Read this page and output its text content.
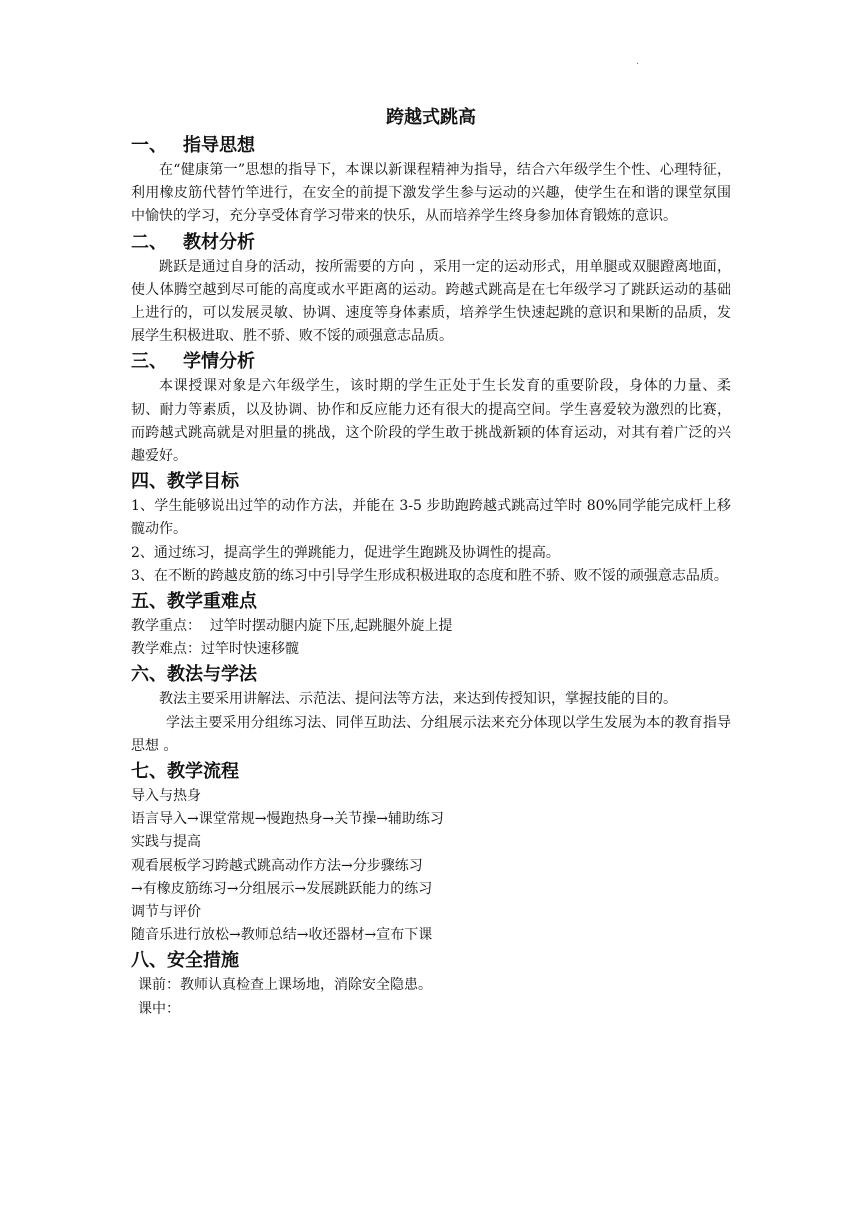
.
跨越式跳高
一、 指导思想

在“健康第一”思想的指导下，本课以新课程精神为指导，结合六年级学生个性、心理特征，利用橡皮筋代替竹竿进行，在安全的前提下激发学生参与运动的兴趣，使学生在和谐的课堂氛围中愉快的学习，充分享受体育学习带来的快乐，从而培养学生终身参加体育锻炼的意识。

二、 教材分析

跳跃是通过自身的活动，按所需要的方向 ，采用一定的运动形式，用单腿或双腿蹬离地面，使人体腾空越到尽可能的高度或水平距离的运动。跨越式跳高是在七年级学习了跳跃运动的基础上进行的，可以发展灵敏、协调、速度等身体素质，培养学生快速起跳的意识和果断的品质，发展学生积极进取、胜不骄、败不馁的顽强意志品质。

三、 学情分析

本课授课对象是六年级学生，该时期的学生正处于生长发育的重要阶段，身体的力量、柔韧、耐力等素质，以及协调、协作和反应能力还有很大的提高空间。学生喜爱较为激烈的比赛，而跨越式跳高就是对胆量的挑战，这个阶段的学生敢于挑战新颖的体育运动，对其有着广泛的兴趣爱好。

四、教学目标

1、学生能够说出过竿的动作方法，并能在 3-5 步助跑跨越式跳高过竿时 80%同学能完成杆上移髋动作。

2、通过练习，提高学生的弹跳能力，促进学生跑跳及协调性的提高。

3、在不断的跨越皮筋的练习中引导学生形成积极进取的态度和胜不骄、败不馁的顽强意志品质。

五、教学重难点

教学重点：  过竿时摆动腿内旋下压,起跳腿外旋上提

教学难点：过竿时快速移髋

六、教法与学法

教法主要采用讲解法、示范法、提问法等方法，来达到传授知识，掌握技能的目的。

学法主要采用分组练习法、同伴互助法、分组展示法来充分体现以学生发展为本的教育指导思想 。

七、教学流程

导入与热身

语言导入→课堂常规→慢跑热身→关节操→辅助练习

实践与提高

观看展板学习跨越式跳高动作方法→分步骤练习

→有橡皮筋练习→分组展示→发展跳跃能力的练习

调节与评价

随音乐进行放松→教师总结→收还器材→宣布下课

八、安全措施

课前：教师认真检查上课场地，消除安全隐患。

课中：
